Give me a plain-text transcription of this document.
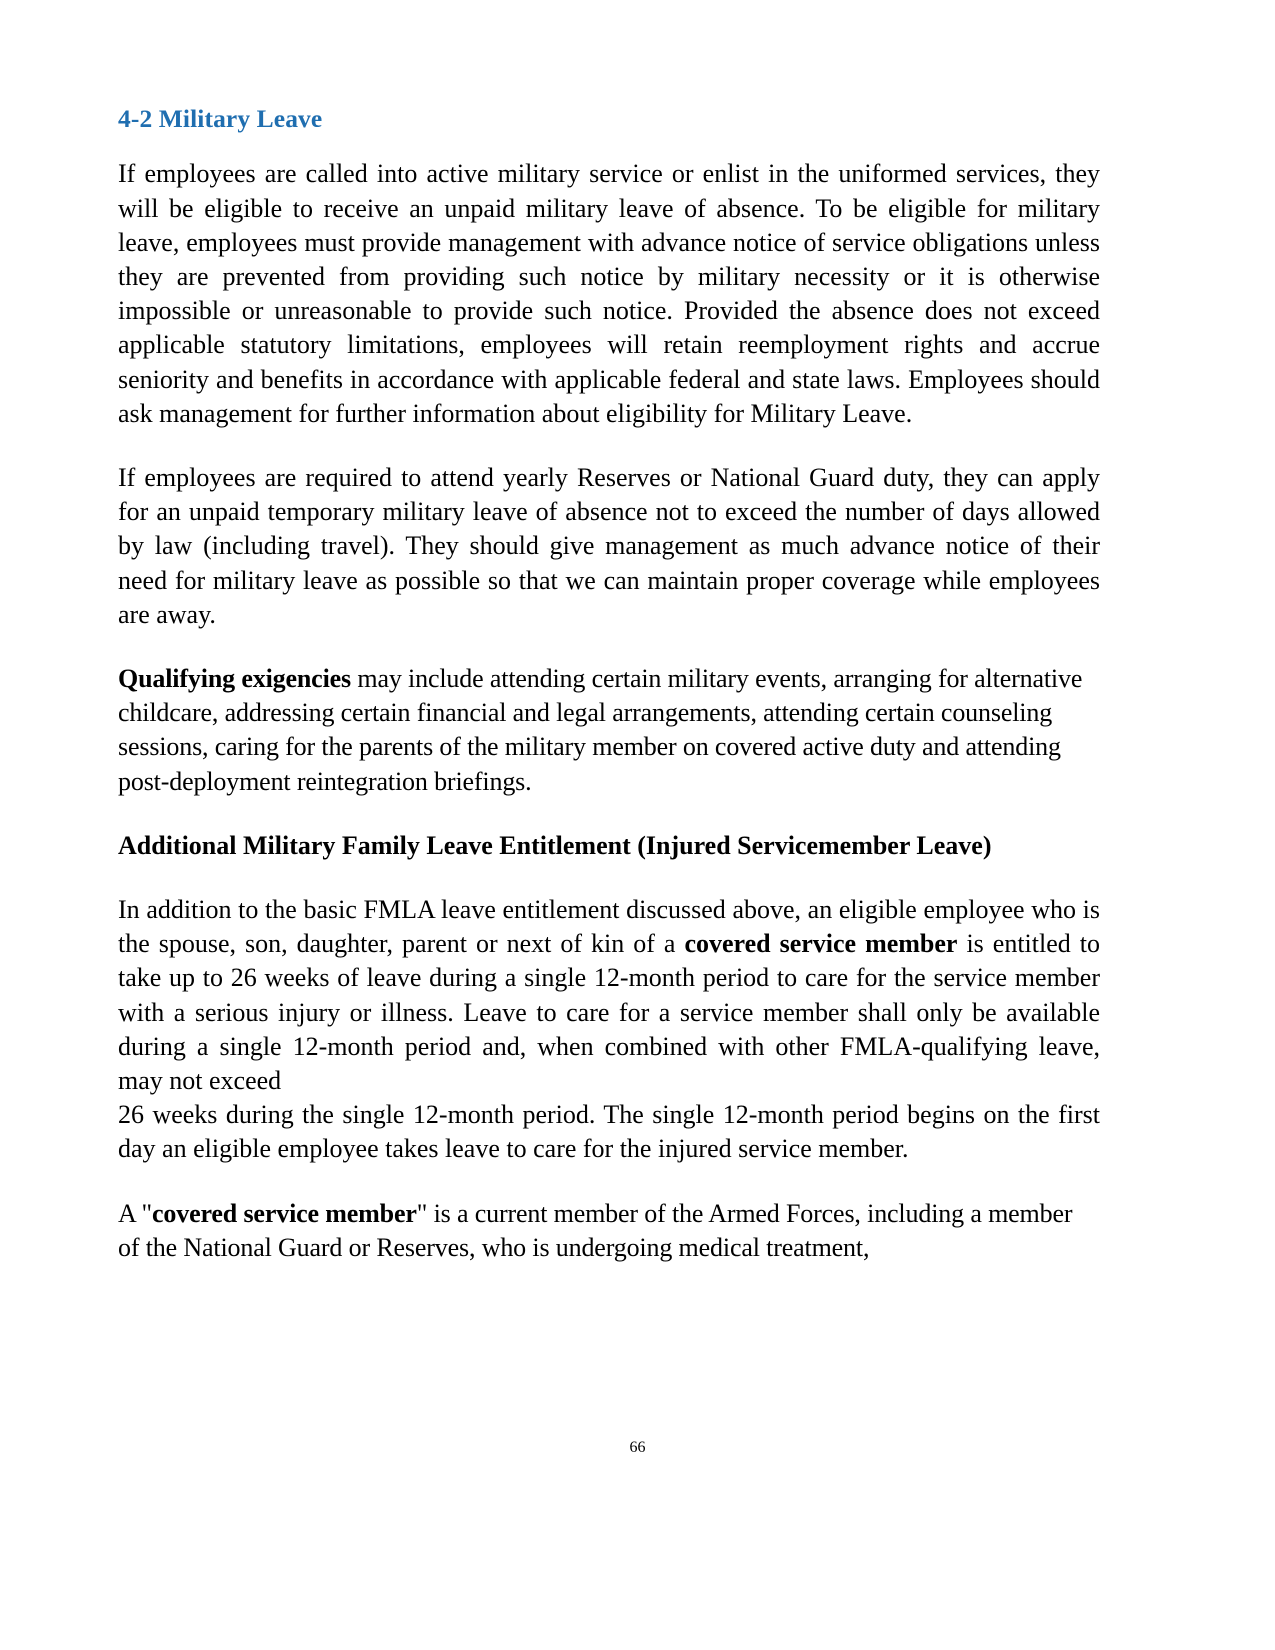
4-2 Military Leave

If employees are called into active military service or enlist in the uniformed services, they will be eligible to receive an unpaid military leave of absence. To be eligible for military leave, employees must provide management with advance notice of service obligations unless they are prevented from providing such notice by military necessity or it is otherwise impossible or unreasonable to provide such notice. Provided the absence does not exceed applicable statutory limitations, employees will retain reemployment rights and accrue seniority and benefits in accordance with applicable federal and state laws. Employees should ask management for further information about eligibility for Military Leave.

If employees are required to attend yearly Reserves or National Guard duty, they can apply for an unpaid temporary military leave of absence not to exceed the number of days allowed by law (including travel). They should give management as much advance notice of their need for military leave as possible so that we can maintain proper coverage while employees are away.

Qualifying exigencies may include attending certain military events, arranging for alternative childcare, addressing certain financial and legal arrangements, attending certain counseling sessions, caring for the parents of the military member on covered active duty and attending post-deployment reintegration briefings.

Additional Military Family Leave Entitlement (Injured Servicemember Leave)

In addition to the basic FMLA leave entitlement discussed above, an eligible employee who is the spouse, son, daughter, parent or next of kin of a covered service member is entitled to take up to 26 weeks of leave during a single 12-month period to care for the service member with a serious injury or illness. Leave to care for a service member shall only be available during a single 12-month period and, when combined with other FMLA-qualifying leave, may not exceed

26 weeks during the single 12-month period. The single 12-month period begins on the first day an eligible employee takes leave to care for the injured service member.

A "covered service member" is a current member of the Armed Forces, including a member of the National Guard or Reserves, who is undergoing medical treatment,

66
